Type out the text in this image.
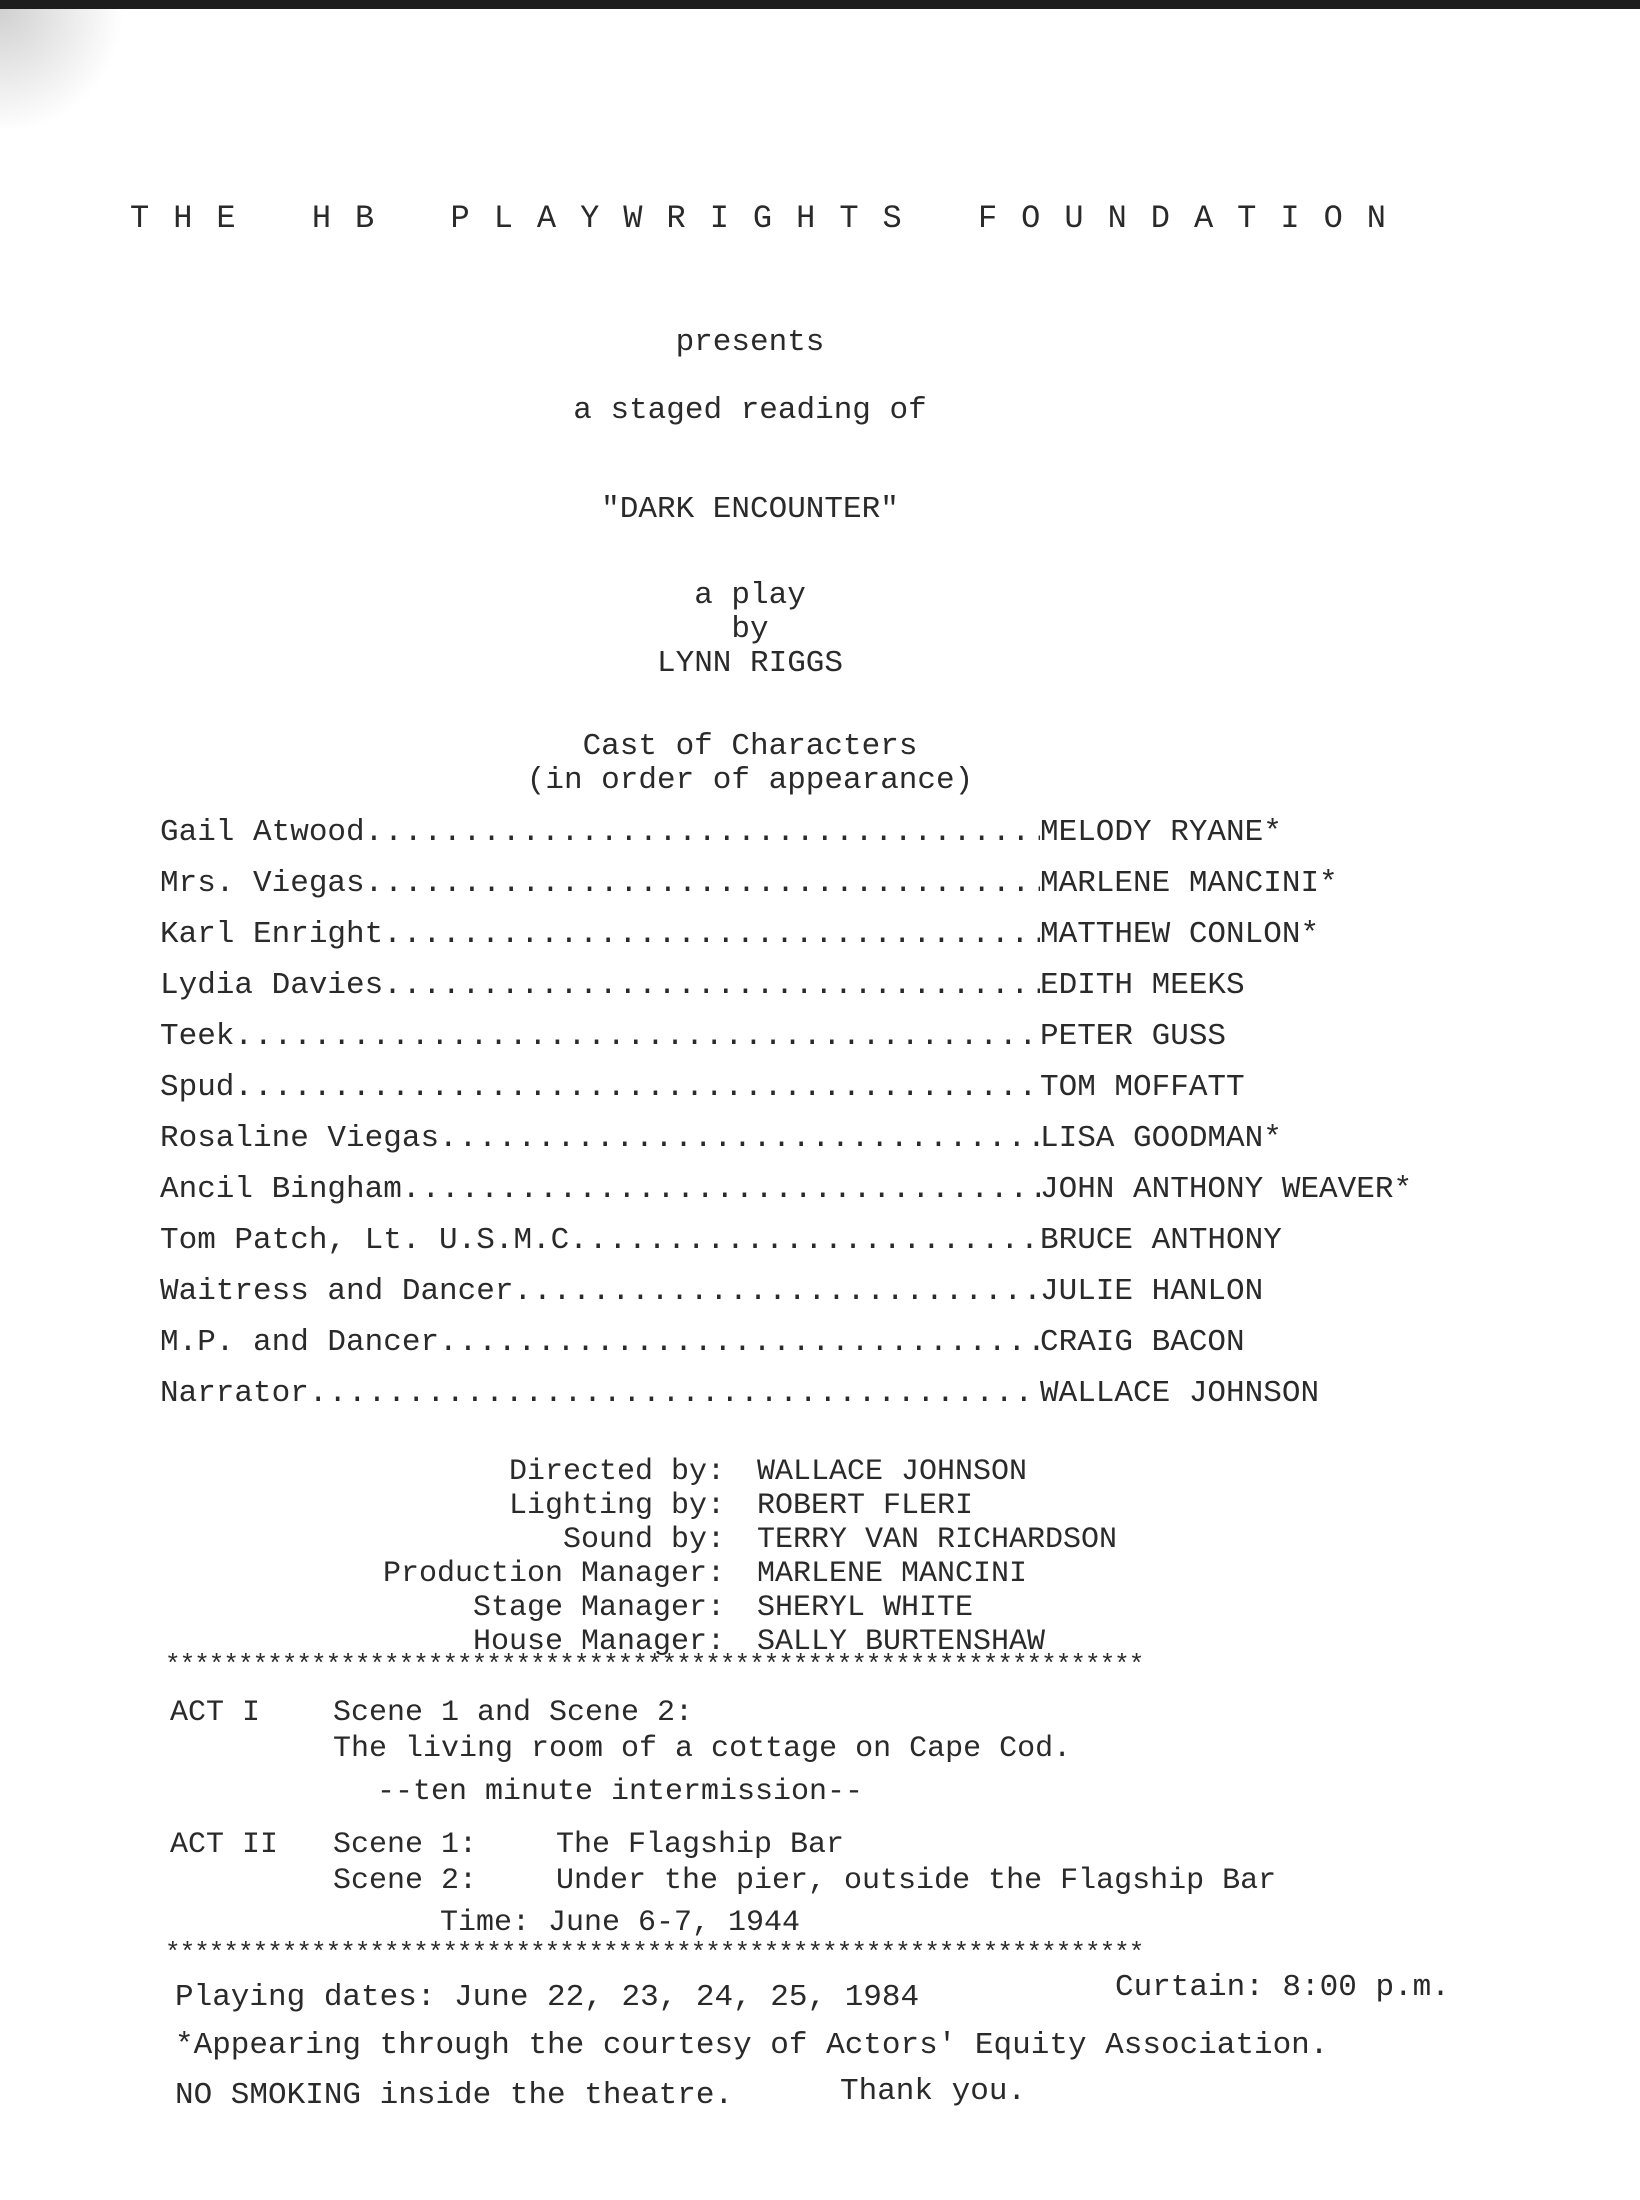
THE HB PLAYWRIGHTS FOUNDATION
presents
a staged reading of
"DARK ENCOUNTER"
a play
by
LYNN RIGGS
Cast of Characters
(in order of appearance)
Gail Atwood .....	MELODY RYANE*
Mrs. Viegas .....	MARLENE MANCINI*
Karl Enright .....	MATTHEW CONLON*
Lydia Davies .....	EDITH MEEKS
Teek .....	PETER GUSS
Spud .....	TOM MOFFATT
Rosaline Viegas .....	LISA GOODMAN*
Ancil Bingham .....	JOHN ANTHONY WEAVER*
Tom Patch, Lt. U.S.M.C .....	BRUCE ANTHONY
Waitress and Dancer .....	JULIE HANLON
M.P. and Dancer .....	CRAIG BACON
Narrator .....	WALLACE JOHNSON
Directed by:	WALLACE JOHNSON
Lighting by:	ROBERT FLERI
Sound by:	TERRY VAN RICHARDSON
Production Manager:	MARLENE MANCINI
Stage Manager:	SHERYL WHITE
House Manager:	SALLY BURTENSHAW
*******************************************************************
ACT I	Scene 1 and Scene 2:
The living room of a cottage on Cape Cod.
--ten minute intermission--
ACT II	Scene 1:	The Flagship Bar
Scene 2:	Under the pier, outside the Flagship Bar
Time: June 6-7, 1944
*******************************************************************
Playing dates: June 22, 23, 24, 25, 1984	Curtain: 8:00 p.m.
*Appearing through the courtesy of Actors' Equity Association.
NO SMOKING inside the theatre.	Thank you.
